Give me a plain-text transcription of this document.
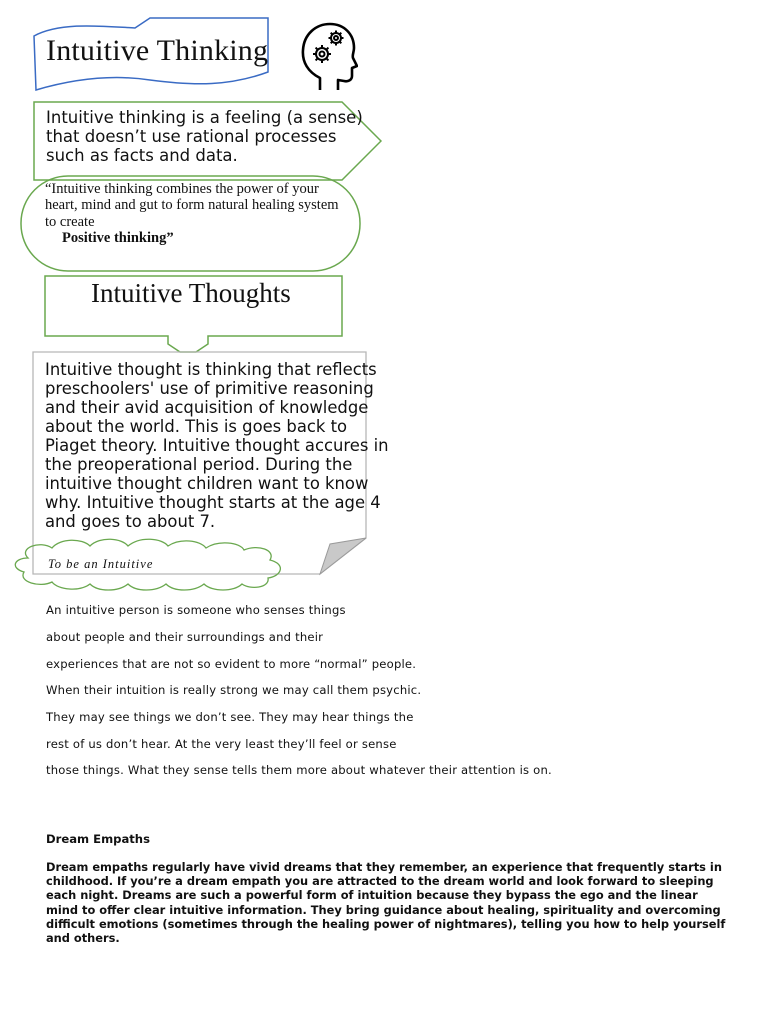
Intuitive Thinking
Intuitive thinking is a feeling (a sense) that doesn’t use rational processes such as facts and data.
“Intuitive thinking combines the power of your heart, mind and gut to form natural healing system to create
Positive thinking”
Intuitive Thoughts
Intuitive thought is thinking that reflects preschoolers' use of primitive reasoning and their avid acquisition of knowledge about the world. This is goes back to Piaget theory. Intuitive thought accures in the preoperational period. During the intuitive thought children want to know why. Intuitive thought starts at the age 4 and goes to about 7.
To be an Intuitive
An intuitive person is someone who senses things
about people and their surroundings and their
experiences that are not so evident to more “normal” people.
When their intuition is really strong we may call them psychic.
They may see things we don’t see. They may hear things the
rest of us don’t hear. At the very least they’ll feel or sense
those things. What they sense tells them more about whatever their attention is on.
Dream Empaths
Dream empaths regularly have vivid dreams that they remember, an experience that frequently starts in childhood. If you’re a dream empath you are attracted to the dream world and look forward to sleeping each night. Dreams are such a powerful form of intuition because they bypass the ego and the linear mind to offer clear intuitive information. They bring guidance about healing, spirituality and overcoming difficult emotions (sometimes through the healing power of nightmares), telling you how to help yourself and others.
